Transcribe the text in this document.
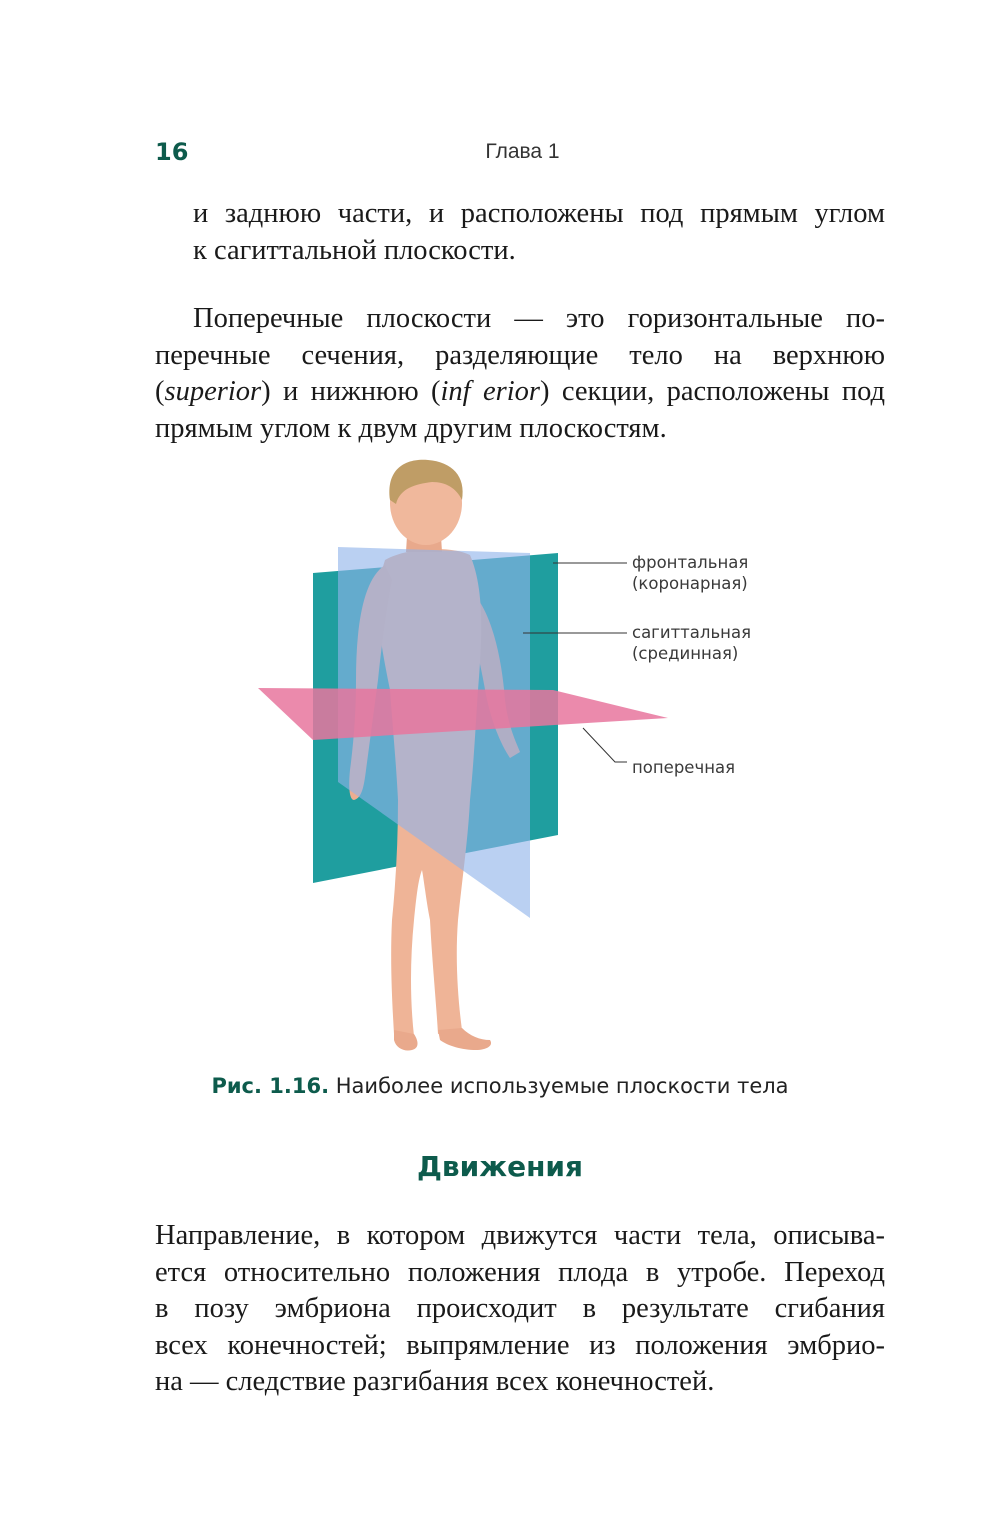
16	Глава 1
и заднюю части, и расположены под прямым углом
к сагиттальной плоскости.
Поперечные плоскости — это горизонтальные по-
перечные сечения, разделяющие тело на верхнюю
(superior) и нижнюю (inf erior) секции, расположены под
прямым углом к двум другим плоскостям.
фронтальная
(коронарная)
сагиттальная
(срединная)
поперечная
Рис. 1.16. Наиболее используемые плоскости тела
Движения
Направление, в котором движутся части тела, описыва-
ется относительно положения плода в утробе. Переход
в позу эмбриона происходит в результате сгибания
всех конечностей; выпрямление из положения эмбрио-
на — следствие разгибания всех конечностей.
